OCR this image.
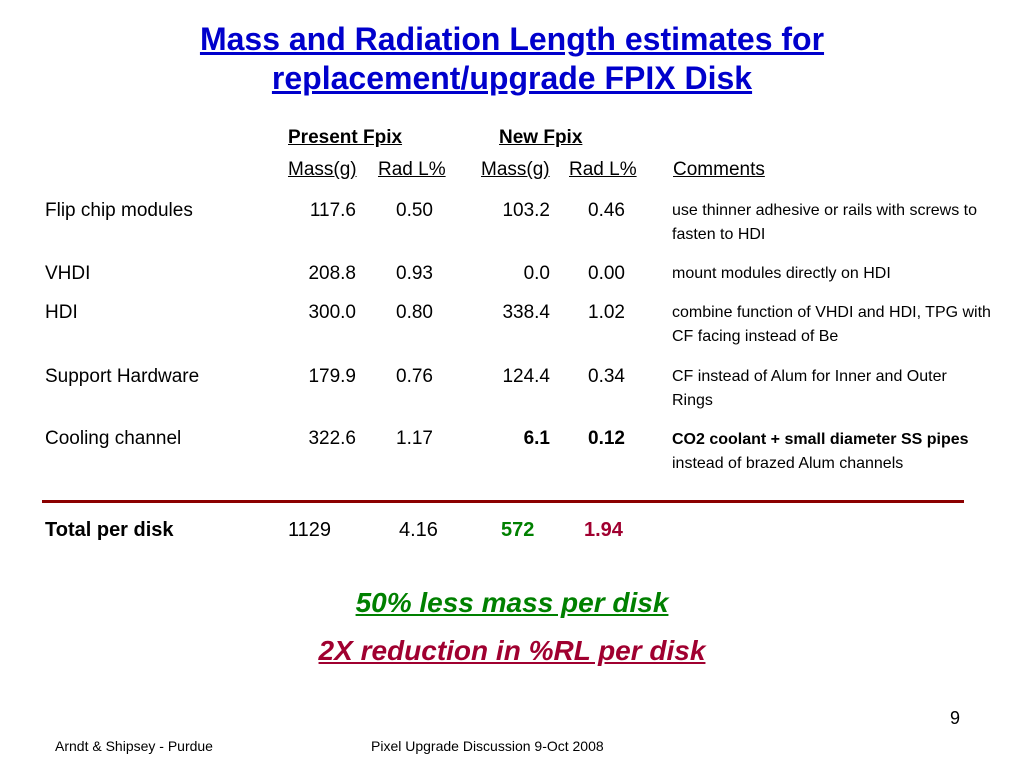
Mass and Radiation Length estimates for
replacement/upgrade FPIX Disk
Present Fpix	New Fpix
Mass(g) Rad L% Mass(g) Rad L% Comments
Flip chip modules	117.6 0.50	103.2 0.46	use thinner adhesive or rails with screws to fasten to HDI
VHDI	208.8 0.93	0.0 0.00	mount modules directly on HDI
HDI	300.0 0.80	338.4 1.02	combine function of VHDI and HDI, TPG with CF facing instead of Be
Support Hardware	179.9 0.76	124.4 0.34	CF instead of Alum for Inner and Outer Rings
Cooling channel	322.6 1.17	6.1 0.12	CO2 coolant + small diameter SS pipes instead of brazed Alum channels
Total per disk	1129	4.16	572 1.94
50% less mass per disk
2X reduction in %RL per disk
9
Arndt & Shipsey - Purdue	Pixel Upgrade Discussion 9-Oct 2008
